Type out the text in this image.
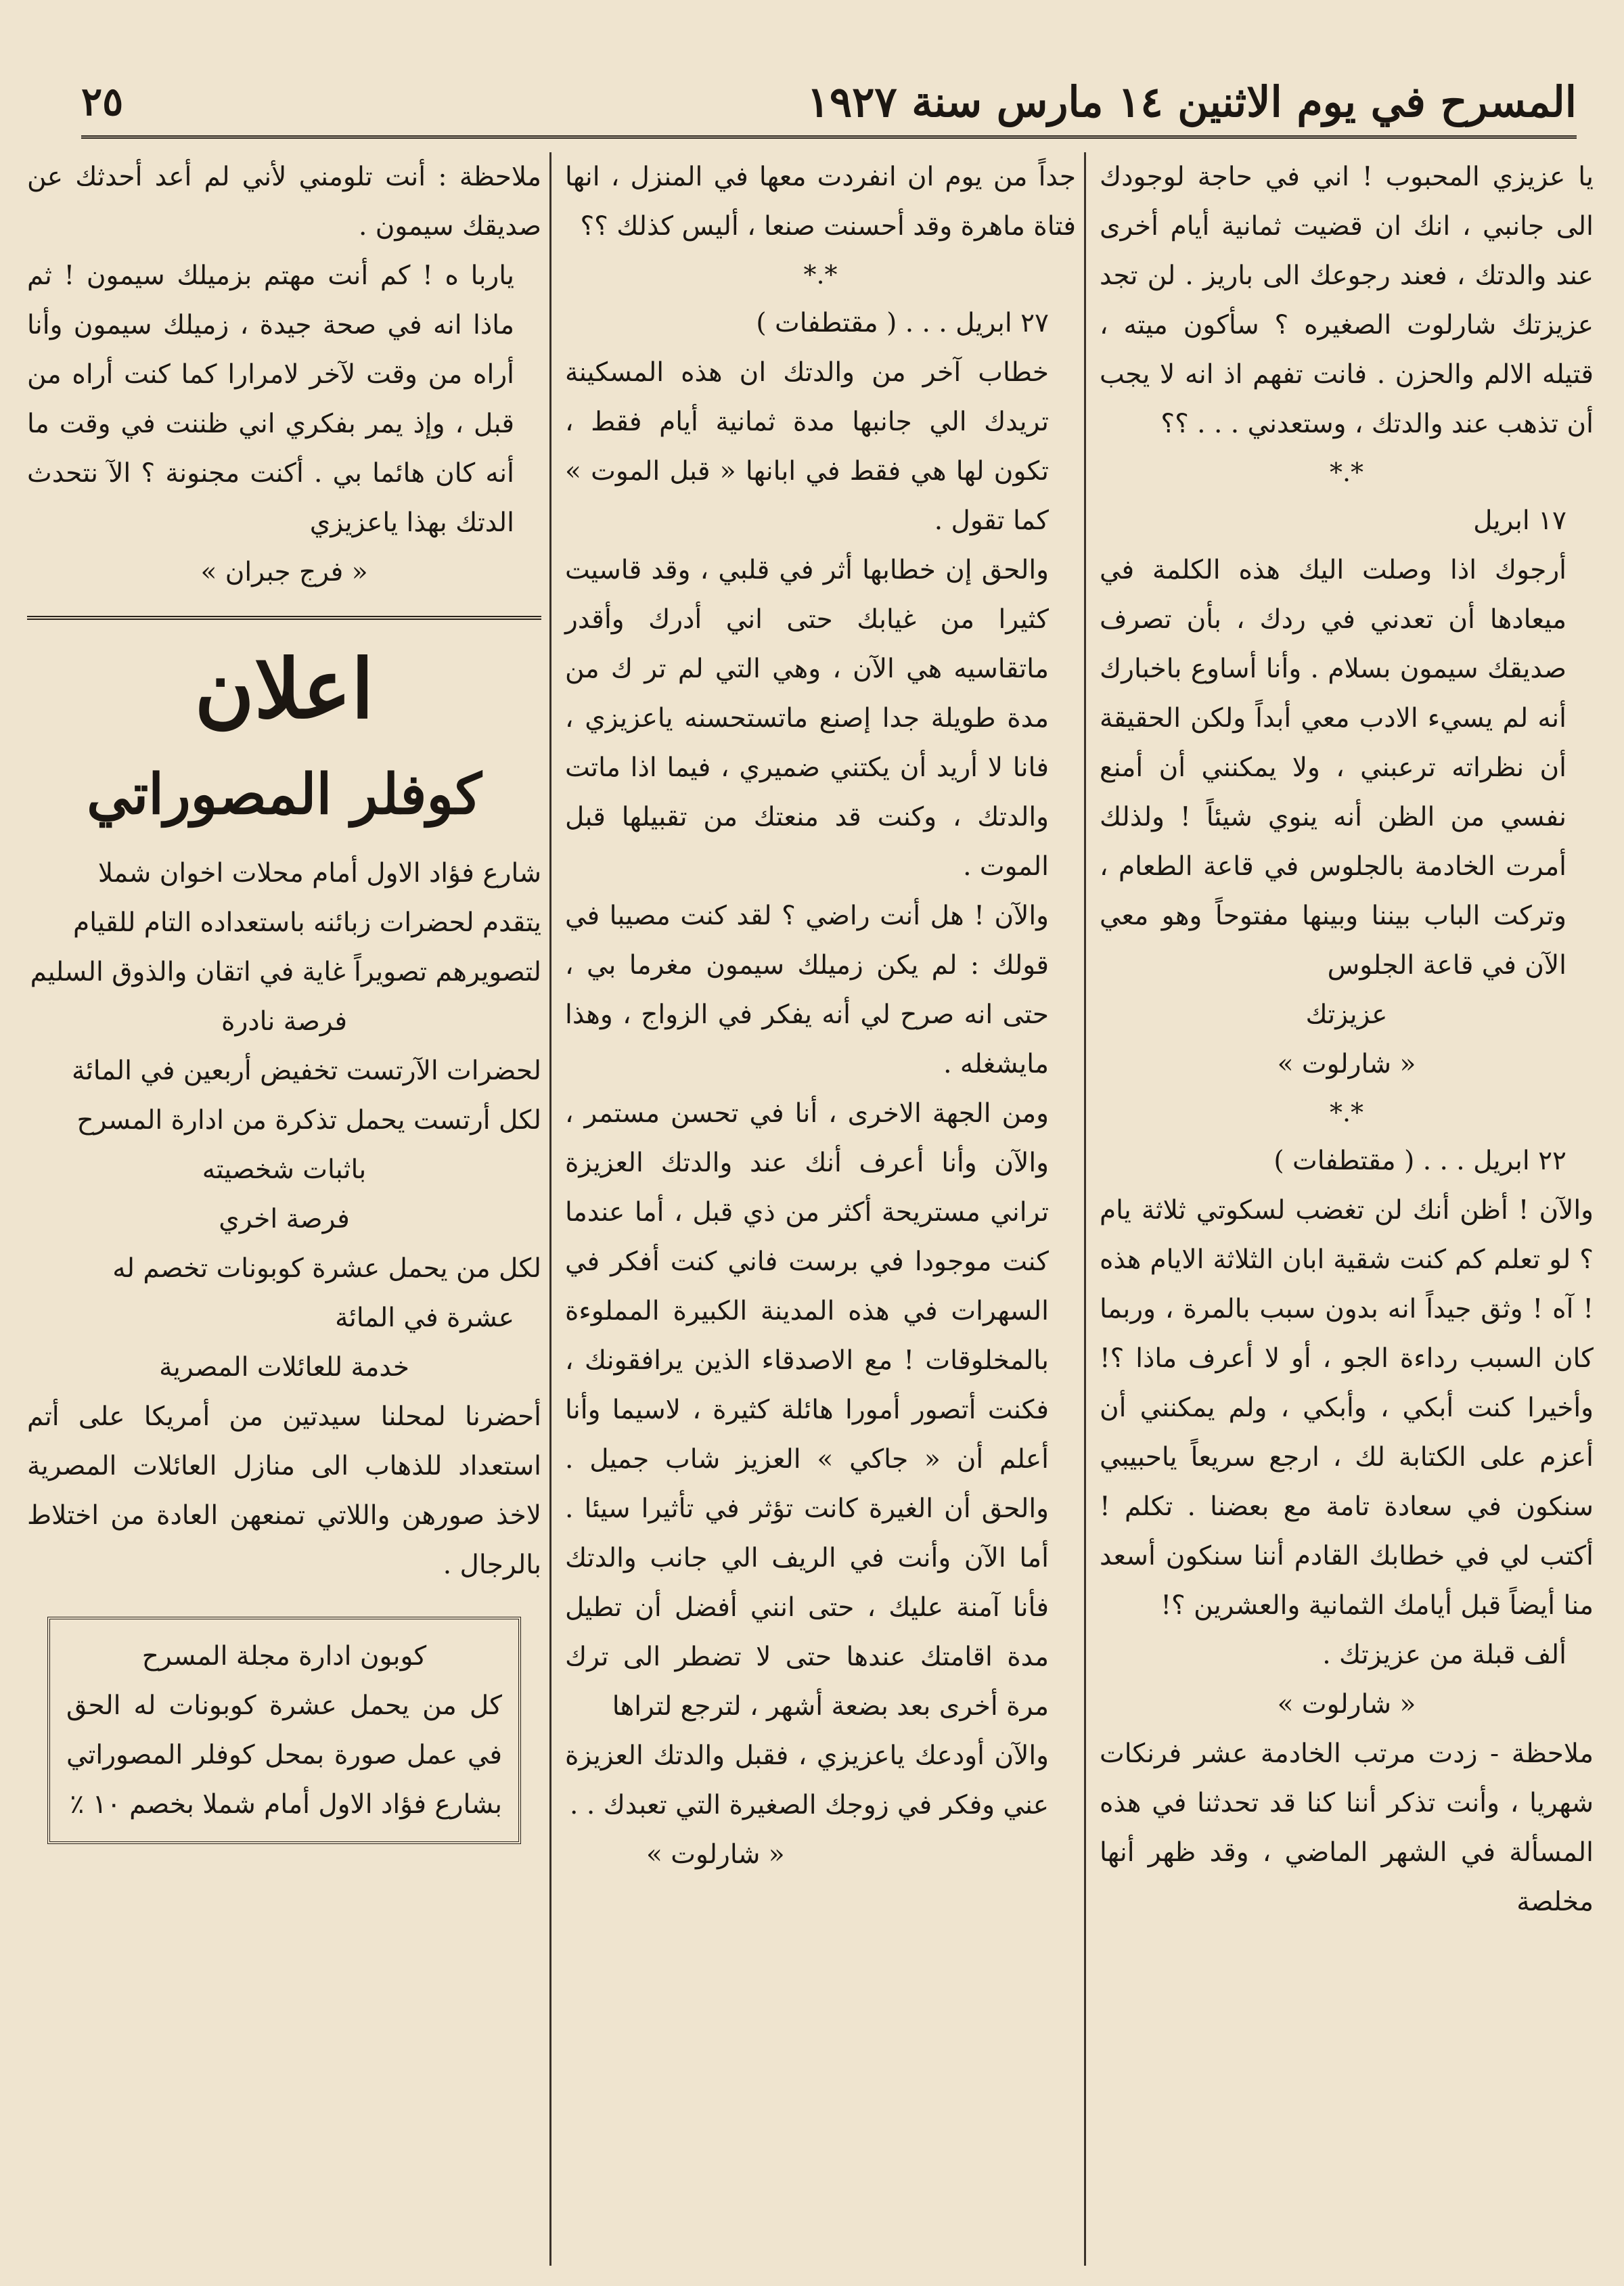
المسرح في يوم الاثنين ١٤ مارس سنة ١٩٢٧
٢٥

يا عزيزي المحبوب ! اني في حاجة لوجودك الى جانبي ، انك ان قضيت ثمانية أيام أخرى عند والدتك ، فعند رجوعك الى باريز . لن تجد عزيزتك شارلوت الصغيره ؟ سأكون ميته ، قتيله الالم والحزن . فانت تفهم اذ انه لا يجب أن تذهب عند والدتك ، وستعدني . . . ؟؟

*.*

١٧ ابريل

أرجوك اذا وصلت اليك هذه الكلمة في ميعادها أن تعدني في ردك ، بأن تصرف صديقك سيمون بسلام . وأنا أساوع باخبارك أنه لم يسيء الادب معي أبداً ولكن الحقيقة أن نظراته ترعبني ، ولا يمكنني أن أمنع نفسي من الظن أنه ينوي شيئاً ! ولذلك أمرت الخادمة بالجلوس في قاعة الطعام ، وتركت الباب بيننا وبينها مفتوحاً وهو معي الآن في قاعة الجلوس

عزيزتك

« شارلوت »

*.*

٢٢ ابريل . . . ( مقتطفات )

والآن ! أظن أنك لن تغضب لسكوتي ثلاثة يام ؟ لو تعلم كم كنت شقية ابان الثلاثة الايام هذه ! آه ! وثق جيداً انه بدون سبب بالمرة ، وربما كان السبب رداءة الجو ، أو لا أعرف ماذا ؟! وأخيرا كنت أبكي ، وأبكي ، ولم يمكنني أن أعزم على الكتابة لك ، ارجع سريعاً ياحبيبي سنكون في سعادة تامة مع بعضنا . تكلم ! أكتب لي في خطابك القادم أننا سنكون أسعد منا أيضاً قبل أيامك الثمانية والعشرين ؟!

ألف قبلة من عزيزتك .

« شارلوت »

ملاحظة - زدت مرتب الخادمة عشر فرنكات شهريا ، وأنت تذكر أننا كنا قد تحدثنا في هذه المسألة في الشهر الماضي ، وقد ظهر أنها مخلصة

جداً من يوم ان انفردت معها في المنزل ، انها فتاة ماهرة وقد أحسنت صنعا ، أليس كذلك ؟؟

*.*

٢٧ ابريل . . . ( مقتطفات )

خطاب آخر من والدتك ان هذه المسكينة تريدك الي جانبها مدة ثمانية أيام فقط ، تكون لها هي فقط في ابانها « قبل الموت » كما تقول .

والحق إن خطابها أثر في قلبي ، وقد قاسيت كثيرا من غيابك حتى اني أدرك وأقدر ماتقاسيه هي الآن ، وهي التي لم تر ك من مدة طويلة جدا إصنع ماتستحسنه ياعزيزي ، فانا لا أريد أن يكتني ضميري ، فيما اذا ماتت والدتك ، وكنت قد منعتك من تقبيلها قبل الموت .

والآن ! هل أنت راضي ؟ لقد كنت مصيبا في قولك : لم يكن زميلك سيمون مغرما بي ، حتى انه صرح لي أنه يفكر في الزواج ، وهذا مايشغله .

ومن الجهة الاخرى ، أنا في تحسن مستمر ، والآن وأنا أعرف أنك عند والدتك العزيزة تراني مستريحة أكثر من ذي قبل ، أما عندما كنت موجودا في برست فاني كنت أفكر في السهرات في هذه المدينة الكبيرة المملوءة بالمخلوقات ! مع الاصدقاء الذين يرافقونك ، فكنت أتصور أمورا هائلة كثيرة ، لاسيما وأنا أعلم أن « جاكي » العزيز شاب جميل . والحق أن الغيرة كانت تؤثر في تأثيرا سيئا . أما الآن وأنت في الريف الي جانب والدتك فأنا آمنة عليك ، حتى انني أفضل أن تطيل مدة اقامتك عندها حتى لا تضطر الى ترك مرة أخرى بعد بضعة أشهر ، لترجع لتراها

والآن أودعك ياعزيزي ، فقبل والدتك العزيزة عني وفكر في زوجك الصغيرة التي تعبدك . .

« شارلوت »

ملاحظة : أنت تلومني لأني لم أعد أحدثك عن صديقك سيمون .

ياربا ه ! كم أنت مهتم بزميلك سيمون ! ثم ماذا انه في صحة جيدة ، زميلك سيمون وأنا أراه من وقت لآخر لامرارا كما كنت أراه من قبل ، وإذ يمر بفكري اني ظننت في وقت ما أنه كان هائما بي . أكنت مجنونة ؟ الآ نتحدث الدتك بهذا ياعزيزي

« فرج جبران »

اعلان
كوفلر المصوراتي

شارع فؤاد الاول أمام محلات اخوان شملا

يتقدم لحضرات زبائنه باستعداده التام للقيام

لتصويرهم تصويراً غاية في اتقان والذوق السليم

فرصة نادرة

لحضرات الآرتست تخفيض أربعين في المائة

لكل أرتست يحمل تذكرة من ادارة المسرح

باثبات شخصيته

فرصة اخري

لكل من يحمل عشرة كوبونات تخصم له

عشرة في المائة

خدمة للعائلات المصرية

أحضرنا لمحلنا سيدتين من أمريكا على أتم استعداد للذهاب الى منازل العائلات المصرية لاخذ صورهن واللاتي تمنعهن العادة من اختلاط بالرجال .

كوبون ادارة مجلة المسرح

كل من يحمل عشرة كوبونات له الحق في عمل صورة بمحل كوفلر المصوراتي بشارع فؤاد الاول أمام شملا بخصم ١٠ ٪
